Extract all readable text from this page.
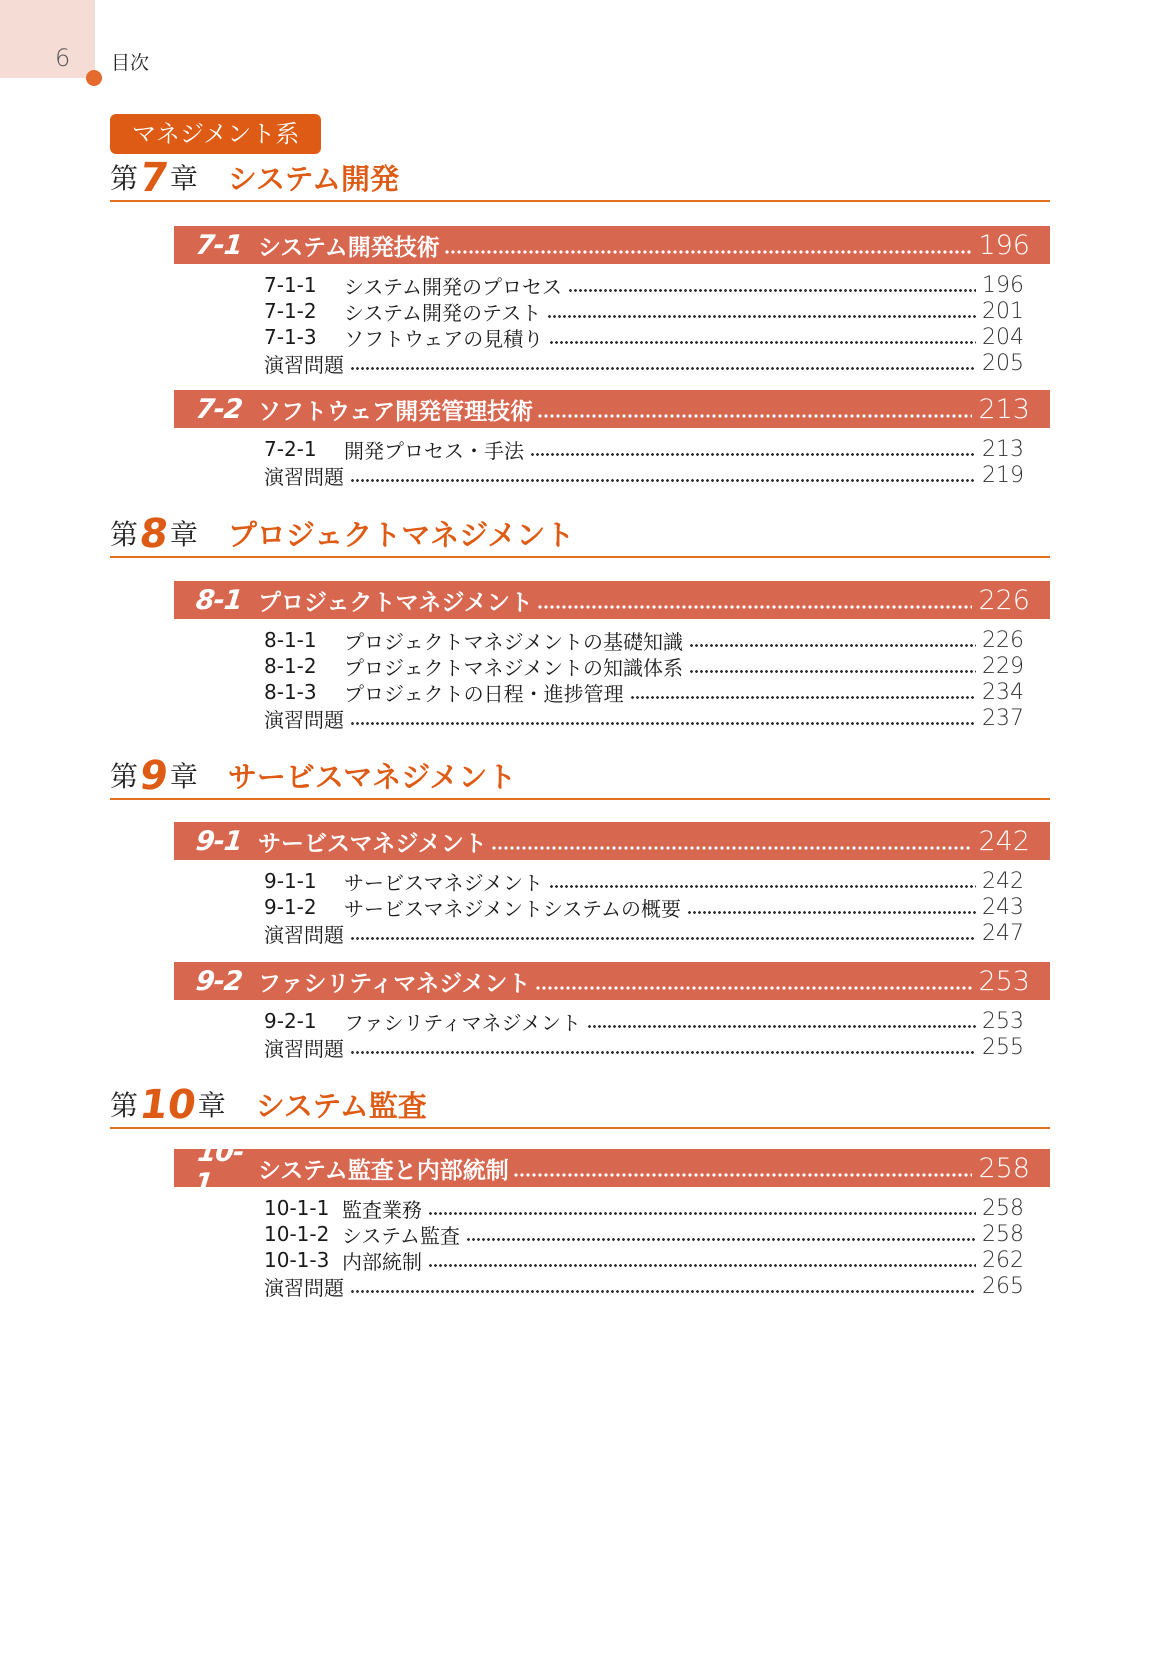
6 目次
マネジメント系
第
7
章 システム開発
7-1 システム開発技術	196
7-1-1	システム開発のプロセス	196
7-1-2	システム開発のテスト	201
7-1-3	ソフトウェアの見積り	204
演習問題	205
7-2 ソフトウェア開発管理技術	213
7-2-1	開発プロセス・手法	213
演習問題	219
第
8
章 プロジェクトマネジメント
8-1 プロジェクトマネジメント	226
8-1-1	プロジェクトマネジメントの基礎知識	226
8-1-2	プロジェクトマネジメントの知識体系	229
8-1-3	プロジェクトの日程・進捗管理	234
演習問題	237
第
9
章 サービスマネジメント
9-1 サービスマネジメント	242
9-1-1	サービスマネジメント	242
9-1-2	サービスマネジメントシステムの概要	243
演習問題	247
9-2 ファシリティマネジメント	253
9-2-1	ファシリティマネジメント	253
演習問題	255
第
10
章 システム監査
10-1	システム監査と内部統制	258
10-1-1 監査業務	258
10-1-2 システム監査	258
10-1-3 内部統制	262
演習問題	265
